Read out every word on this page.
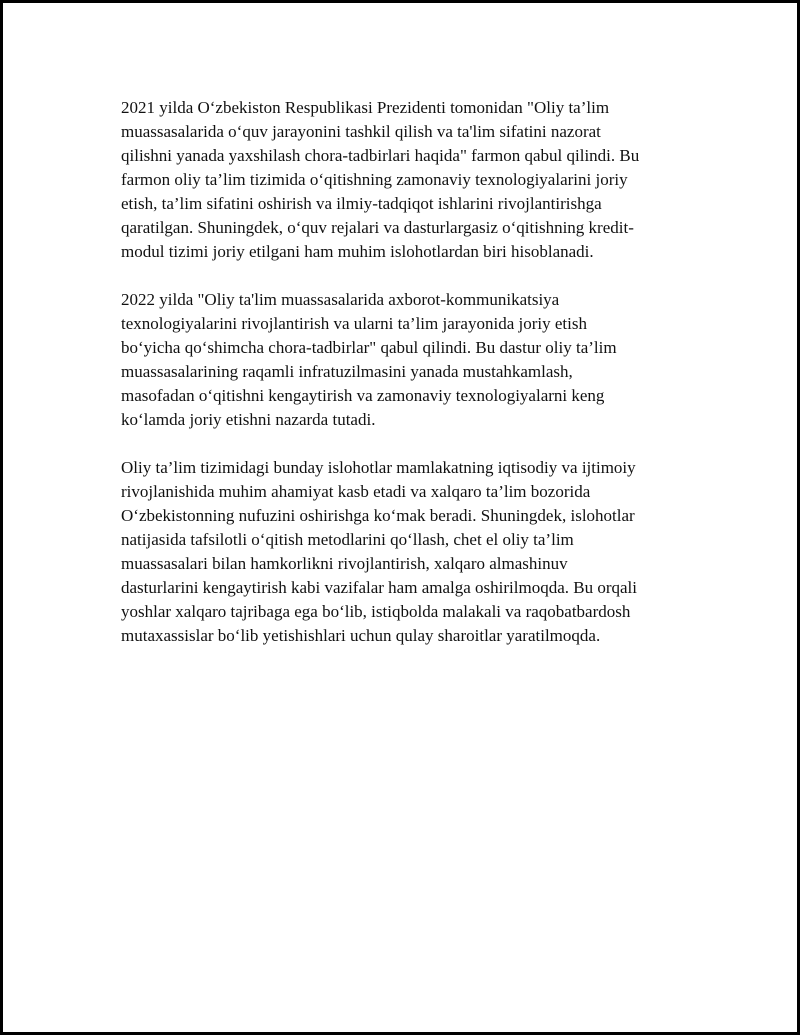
2021 yilda O‘zbekiston Respublikasi Prezidenti tomonidan "Oliy ta’lim
muassasalarida o‘quv jarayonini tashkil qilish va ta'lim sifatini nazorat
qilishni yanada yaxshilash chora-tadbirlari haqida" farmon qabul qilindi. Bu
farmon oliy ta’lim tizimida o‘qitishning zamonaviy texnologiyalarini joriy
etish, ta’lim sifatini oshirish va ilmiy-tadqiqot ishlarini rivojlantirishga
qaratilgan. Shuningdek, o‘quv rejalari va dasturlargasiz o‘qitishning kredit-
modul tizimi joriy etilgani ham muhim islohotlardan biri hisoblanadi.

2022 yilda "Oliy ta'lim muassasalarida axborot-kommunikatsiya
texnologiyalarini rivojlantirish va ularni ta’lim jarayonida joriy etish
bo‘yicha qo‘shimcha chora-tadbirlar" qabul qilindi. Bu dastur oliy ta’lim
muassasalarining raqamli infratuzilmasini yanada mustahkamlash,
masofadan o‘qitishni kengaytirish va zamonaviy texnologiyalarni keng
ko‘lamda joriy etishni nazarda tutadi.

Oliy ta’lim tizimidagi bunday islohotlar mamlakatning iqtisodiy va ijtimoiy
rivojlanishida muhim ahamiyat kasb etadi va xalqaro ta’lim bozorida
O‘zbekistonning nufuzini oshirishga ko‘mak beradi. Shuningdek, islohotlar
natijasida tafsilotli o‘qitish metodlarini qo‘llash, chet el oliy ta’lim
muassasalari bilan hamkorlikni rivojlantirish, xalqaro almashinuv
dasturlarini kengaytirish kabi vazifalar ham amalga oshirilmoqda. Bu orqali
yoshlar xalqaro tajribaga ega bo‘lib, istiqbolda malakali va raqobatbardosh
mutaxassislar bo‘lib yetishishlari uchun qulay sharoitlar yaratilmoqda.
